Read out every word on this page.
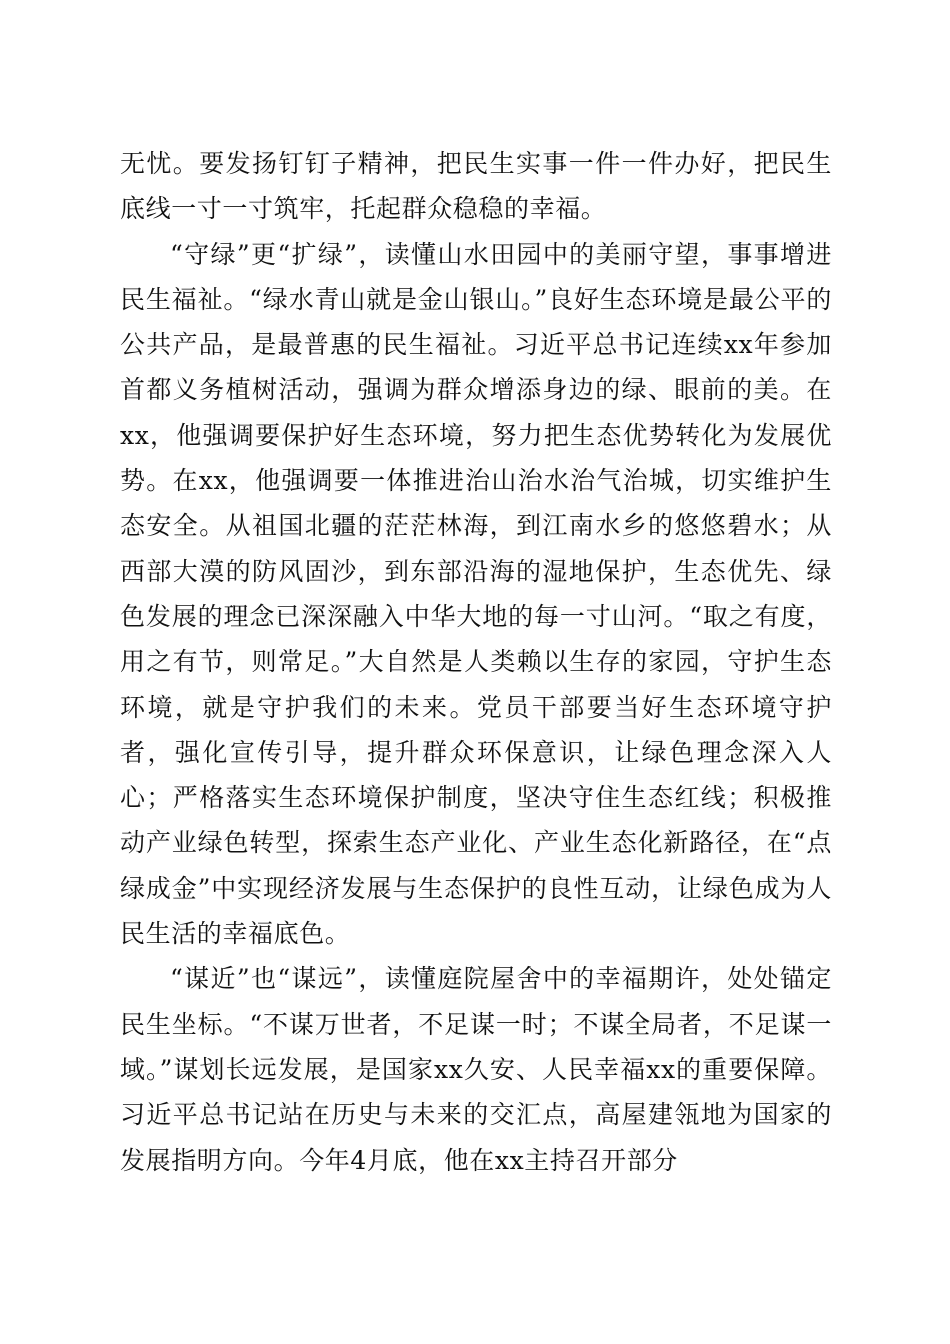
无忧。要发扬钉钉子精神，把民生实事一件一件办好，把民生底线一寸一寸筑牢，托起群众稳稳的幸福。

“守绿”更“扩绿”，读懂山水田园中的美丽守望，事事增进民生福祉。“绿水青山就是金山银山。”良好生态环境是最公平的公共产品，是最普惠的民生福祉。习近平总书记连续xx年参加首都义务植树活动，强调为群众增添身边的绿、眼前的美。在xx，他强调要保护好生态环境，努力把生态优势转化为发展优势。在xx，他强调要一体推进治山治水治气治城，切实维护生态安全。从祖国北疆的茫茫林海，到江南水乡的悠悠碧水；从西部大漠的防风固沙，到东部沿海的湿地保护，生态优先、绿色发展的理念已深深融入中华大地的每一寸山河。“取之有度，用之有节，则常足。”大自然是人类赖以生存的家园，守护生态环境，就是守护我们的未来。党员干部要当好生态环境守护者，强化宣传引导，提升群众环保意识，让绿色理念深入人心；严格落实生态环境保护制度，坚决守住生态红线；积极推动产业绿色转型，探索生态产业化、产业生态化新路径，在“点绿成金”中实现经济发展与生态保护的良性互动，让绿色成为人民生活的幸福底色。

“谋近”也“谋远”，读懂庭院屋舍中的幸福期许，处处锚定民生坐标。“不谋万世者，不足谋一时；不谋全局者，不足谋一域。”谋划长远发展，是国家xx久安、人民幸福xx的重要保障。习近平总书记站在历史与未来的交汇点，高屋建瓴地为国家的发展指明方向。今年4月底，他在xx主持召开部分
